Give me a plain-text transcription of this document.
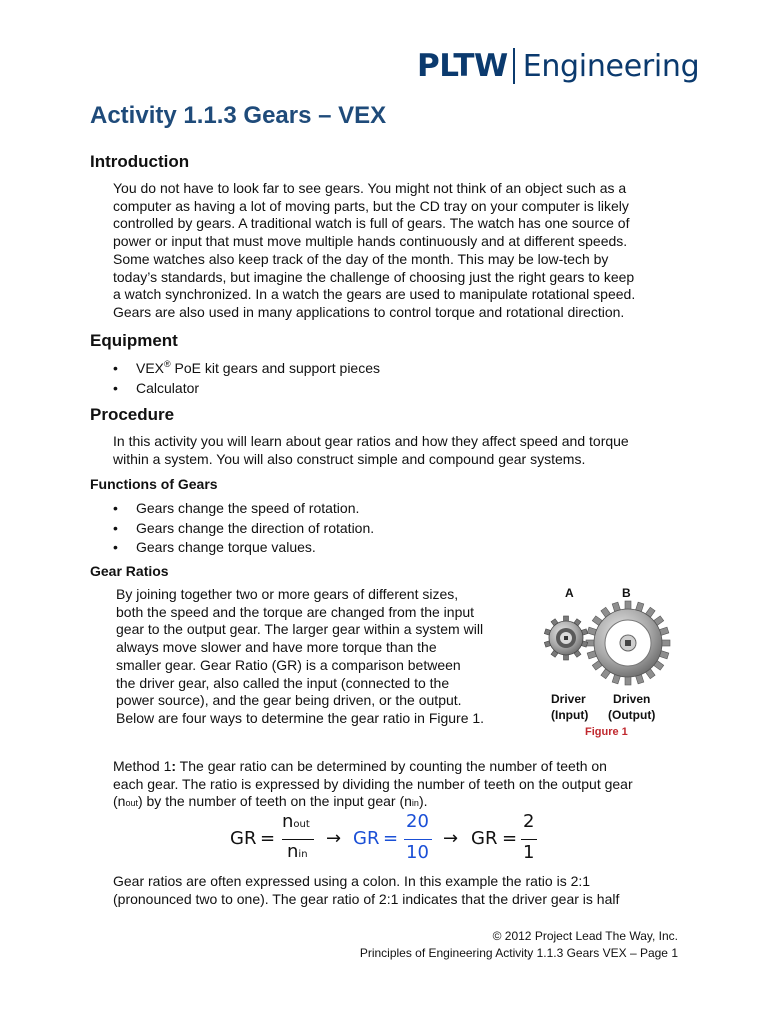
PLTW Engineering
Activity 1.1.3 Gears – VEX
Introduction
You do not have to look far to see gears. You might not think of an object such as a
computer as having a lot of moving parts, but the CD tray on your computer is likely
controlled by gears. A traditional watch is full of gears. The watch has one source of
power or input that must move multiple hands continuously and at different speeds.
Some watches also keep track of the day of the month. This may be low-tech by
today’s standards, but imagine the challenge of choosing just the right gears to keep
a watch synchronized. In a watch the gears are used to manipulate rotational speed.
Gears are also used in many applications to control torque and rotational direction.
Equipment
• VEX® PoE kit gears and support pieces
• Calculator
Procedure
In this activity you will learn about gear ratios and how they affect speed and torque
within a system. You will also construct simple and compound gear systems.
Functions of Gears
• Gears change the speed of rotation.
• Gears change the direction of rotation.
• Gears change torque values.
Gear Ratios
By joining together two or more gears of different sizes,
both the speed and the torque are changed from the input
gear to the output gear. The larger gear within a system will
always move slower and have more torque than the
smaller gear. Gear Ratio (GR) is a comparison between
the driver gear, also called the input (connected to the
power source), and the gear being driven, or the output.
Below are four ways to determine the gear ratio in Figure 1.
A	B
Driver
(Input)
Driven
(Output)
Figure 1
Method 1: The gear ratio can be determined by counting the number of teeth on
each gear. The ratio is expressed by dividing the number of teeth on the output gear
(nout) by the number of teeth on the input gear (nin).
GR =
nout
nin
→ GR =
20
10
→ GR =
2
1
Gear ratios are often expressed using a colon. In this example the ratio is 2:1
(pronounced two to one). The gear ratio of 2:1 indicates that the driver gear is half
© 2012 Project Lead The Way, Inc.
Principles of Engineering Activity 1.1.3 Gears VEX – Page 1
